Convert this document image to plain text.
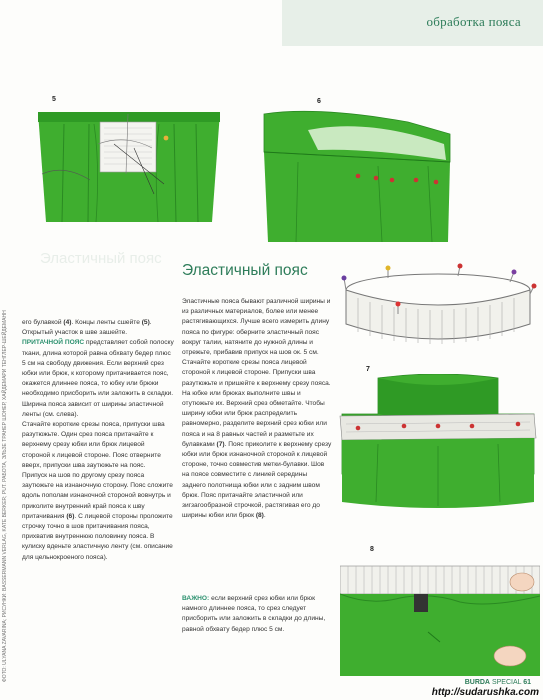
обработка пояса
5	6
Эластичный пояс
ФОТО: ULYANA ZAVARINA; РИСУНКИ: BASSERMANN VERLAG, KATE BERKER; PUT. РАБОТА, ЭЛЬЗЕ ТРАНЕР ШОНЕР, ХАЙДЕМАРИ ТЕНГЛЕР-ШЕЙДЕМАНН его булавкой (4). Концы ленты сшейте (5). Открытый участок в шве зашейте.

ПРИТАЧНОЙ ПОЯС представляет собой полоску ткани, длина которой равна обхвату бедер плюс 5 см на свободу движения. Если верхний срез юбки или брюк, к которому притачивается пояс, окажется длиннее пояса, то юбку или брюки необходимо присборить или заложить в складки. Ширина пояса зависит от ширины эластичной ленты (см. слева).

Стачайте короткие срезы пояса, припуски шва разутюжьте. Один срез пояса притачайте к верхнему срезу юбки или брюк лицевой стороной к лицевой стороне. Пояс отверните вверх, припуски шва заутюжьте на пояс.

Припуск на шов по другому срезу пояса заутюжьте на изнаночную сторону. Пояс сложите вдоль пополам изнаночной стороной вовнутрь и приколите внутренний край пояса к шву притачивания (6). С лицевой стороны проложите строчку точно в шов притачивания пояса, прихватив внутреннюю половинку пояса. В кулиску вденьте эластичную ленту (см. описание для цельнокроеного пояса).

Эластичный пояс

Эластичные пояса бывают различной ширины и из различных материалов, более или менее растягивающихся. Лучше всего измерить длину пояса по фигуре: оберните эластичный пояс вокруг талии, натяните до нужной длины и отрежьте, прибавив припуск на шов ок. 5 см.

Стачайте короткие срезы пояса лицевой стороной к лицевой стороне. Припуски шва разутюжьте и пришейте к верхнему срезу пояса. На юбке или брюках выполните швы и отутюжьте их. Верхний срез обметайте. Чтобы ширину юбки или брюк распределить равномерно, разделите верхний срез юбки или пояса и на 8 равных частей и разметьте их булавками (7). Пояс приколите к верхнему срезу юбки или брюк изнаночной стороной к лицевой стороне, точно совместив метки-булавки. Шов на поясе совместите с линией середины заднего полотнища юбки или с задним швом брюк. Пояс притачайте эластичной или зигзагообразной строчкой, растягивая его до ширины юбки или брюк (8).

ВАЖНО: если верхний срез юбки или брюк намного длиннее пояса, то срез следует присборить или заложить в складки до длины, равной обхвату бедер плюс 5 см.

7
8
BURDA SPECIAL 61
http://sudarushka.com
